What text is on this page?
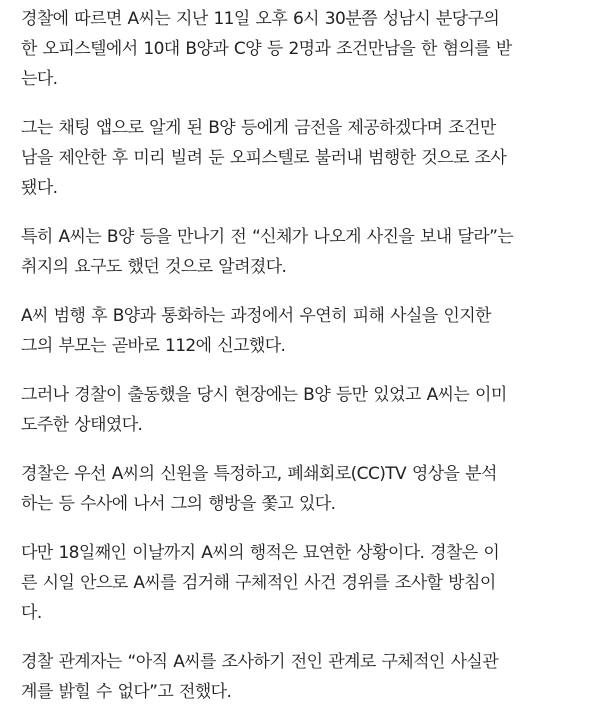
경찰에 따르면 A씨는 지난 11일 오후 6시 30분쯤 성남시 분당구의
한 오피스텔에서 10대 B양과 C양 등 2명과 조건만남을 한 혐의를 받
는다.

그는 채팅 앱으로 알게 된 B양 등에게 금전을 제공하겠다며 조건만
남을 제안한 후 미리 빌려 둔 오피스텔로 불러내 범행한 것으로 조사
됐다.

특히 A씨는 B양 등을 만나기 전 “신체가 나오게 사진을 보내 달라”는
취지의 요구도 했던 것으로 알려졌다.

A씨 범행 후 B양과 통화하는 과정에서 우연히 피해 사실을 인지한
그의 부모는 곧바로 112에 신고했다.

그러나 경찰이 출동했을 당시 현장에는 B양 등만 있었고 A씨는 이미
도주한 상태였다.

경찰은 우선 A씨의 신원을 특정하고, 폐쇄회로(CC)TV 영상을 분석
하는 등 수사에 나서 그의 행방을 쫓고 있다.

다만 18일째인 이날까지 A씨의 행적은 묘연한 상황이다. 경찰은 이
른 시일 안으로 A씨를 검거해 구체적인 사건 경위를 조사할 방침이
다.

경찰 관계자는 “아직 A씨를 조사하기 전인 관계로 구체적인 사실관
계를 밝힐 수 없다”고 전했다.
